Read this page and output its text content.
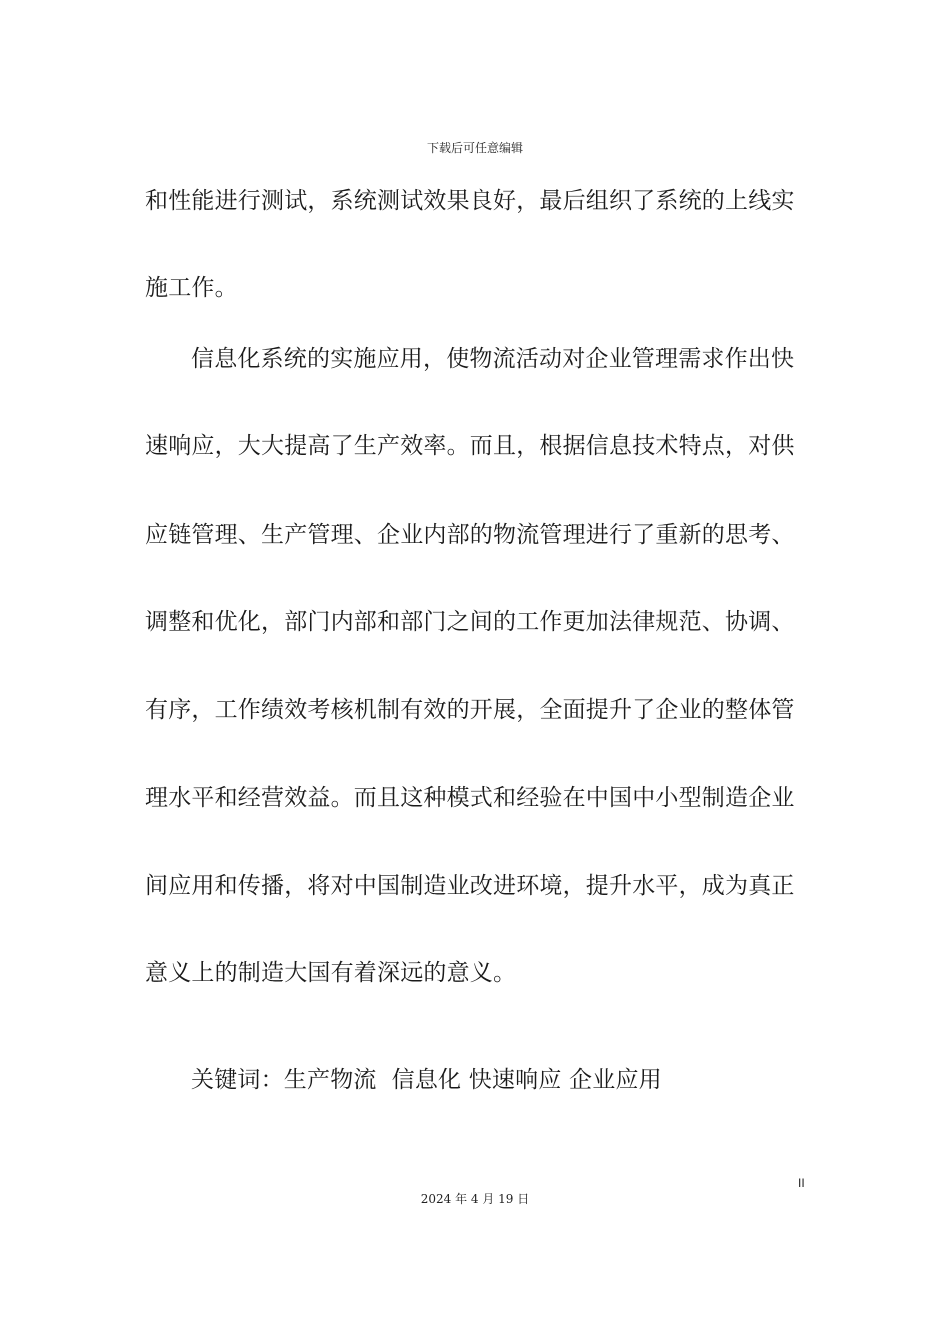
下载后可任意编辑
和性能进行测试，系统测试效果良好，最后组织了系统的上线实
施工作。
信息化系统的实施应用，使物流活动对企业管理需求作出快
速响应，大大提高了生产效率。而且，根据信息技术特点，对供
应链管理、生产管理、企业内部的物流管理进行了重新的思考、
调整和优化，部门内部和部门之间的工作更加法律规范、协调、
有序，工作绩效考核机制有效的开展，全面提升了企业的整体管
理水平和经营效益。而且这种模式和经验在中国中小型制造企业
间应用和传播，将对中国制造业改进环境，提升水平，成为真正
意义上的制造大国有着深远的意义。
关键词：生产物流  信息化 快速响应 企业应用
II
2024 年 4 月 19 日
